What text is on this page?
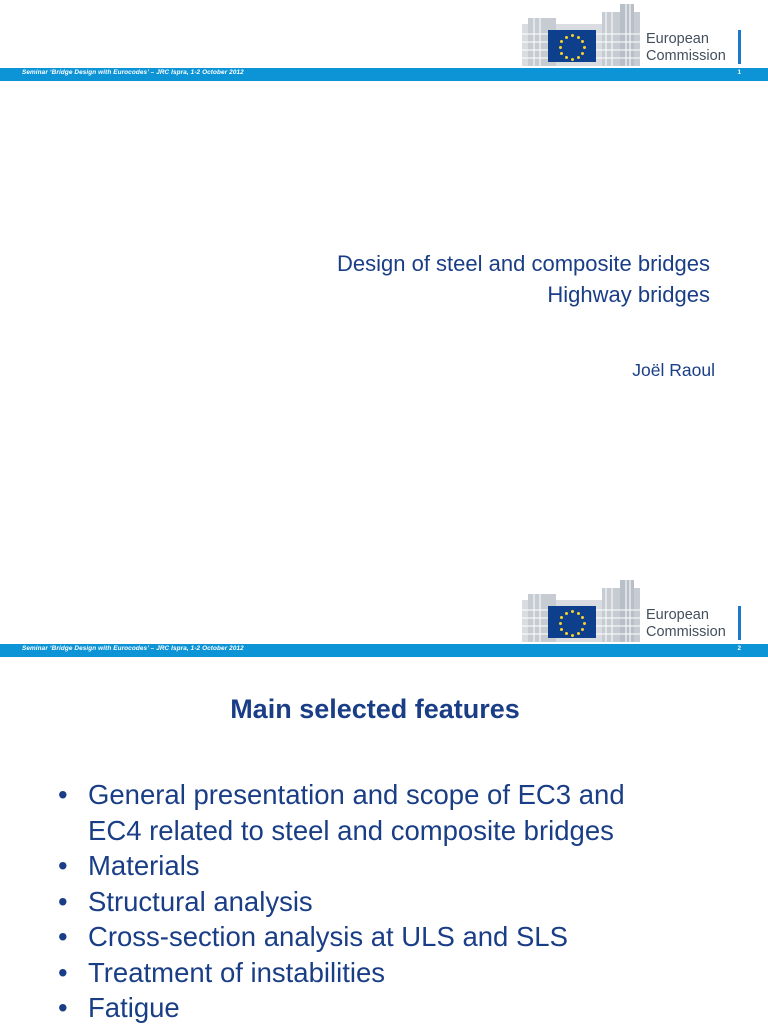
European
Commission
Seminar ‘Bridge Design with Eurocodes’ – JRC Ispra, 1-2 October 2012	1
Design of steel and composite bridges
Highway bridges
Joël Raoul
European
Commission
Seminar ‘Bridge Design with Eurocodes’ – JRC Ispra, 1-2 October 2012	2
Main selected features
• General presentation and scope of EC3 and
EC4 related to steel and composite bridges
• Materials
• Structural analysis
• Cross-section analysis at ULS and SLS
• Treatment of instabilities
• Fatigue
